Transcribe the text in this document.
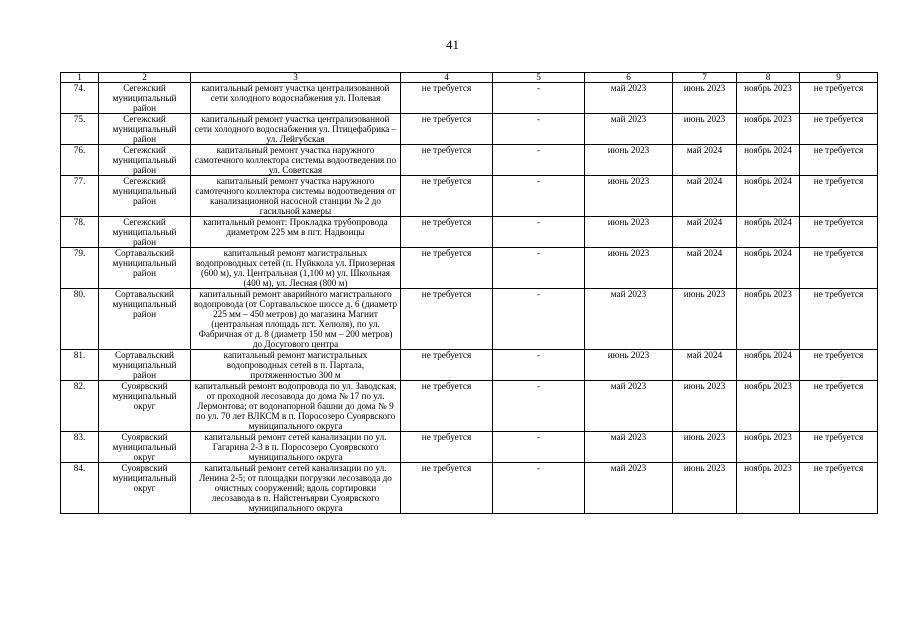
41
1	2	3	4	5	6	7	8	9
74.	Сегежский муниципальный район	капитальный ремонт участка централизованной сети холодного водоснабжения ул. Полевая	не требуется	-	май 2023	июнь 2023	ноябрь 2023	не требуется
75.	Сегежский муниципальный район	капитальный ремонт участка централизованной сети холодного водоснабжения ул. Птицефабрика – ул. Лейгубская	не требуется	-	май 2023	июнь 2023	ноябрь 2023	не требуется
76.	Сегежский муниципальный район	капитальный ремонт участка наружного самотечного коллектора системы водоотведения по ул. Советская	не требуется	-	июнь 2023	май 2024	ноябрь 2024	не требуется
77.	Сегежский муниципальный район	капитальный ремонт участка наружного самотечного коллектора системы водоотведения от канализационной насосной станции № 2 до гасильной камеры	не требуется	-	июнь 2023	май 2024	ноябрь 2024	не требуется
78.	Сегежский муниципальный район	капитальный ремонт: Прокладка трубопровода диаметром 225 мм в пгт. Надвоицы	не требуется	-	июнь 2023	май 2024	ноябрь 2024	не требуется
79.	Сортавальский муниципальный район	капитальный ремонт магистральных водопроводных сетей (п. Пуйккола ул. Приозерная (600 м), ул. Центральная (1,100 м) ул. Школьная (400 м), ул. Лесная (800 м)	не требуется	-	июнь 2023	май 2024	ноябрь 2024	не требуется
80.	Сортавальский муниципальный район	капитальный ремонт аварийного магистрального водопровода (от Сортавальское шоссе д. 6 (диаметр 225 мм – 450 метров) до магазина Магнит (центральная площадь пгт. Хелюля), по ул. Фабричная от д. 8 (диаметр 150 мм – 200 метров) до Досугового центра	не требуется	-	май 2023	июнь 2023	ноябрь 2023	не требуется
81.	Сортавальский муниципальный район	капитальный ремонт магистральных водопроводных сетей в п. Партала, протяженностью 300 м	не требуется	-	июнь 2023	май 2024	ноябрь 2024	не требуется
82.	Суоярвский муниципальный округ	капитальный ремонт водопровода по ул. Заводская, от проходной лесозавода до дома № 17 по ул. Лермонтова; от водонапорной башни до дома № 9 по ул. 70 лет ВЛКСМ в п. Поросозеро Суоярвского муниципального округа	не требуется	-	май 2023	июнь 2023	ноябрь 2023	не требуется
83.	Суоярвский муниципальный округ	капитальный ремонт сетей канализации по ул. Гагарина 2-3 в п. Поросозеро Суоярвского муниципального округа	не требуется	-	май 2023	июнь 2023	ноябрь 2023	не требуется
84.	Суоярвский муниципальный округ	капитальный ремонт сетей канализации по ул. Ленина 2-5; от площадки погрузки лесозавода до очистных сооружений; вдоль сортировки лесозавода в п. Найстенъярви Суоярвского муниципального округа	не требуется	-	май 2023	июнь 2023	ноябрь 2023	не требуется
